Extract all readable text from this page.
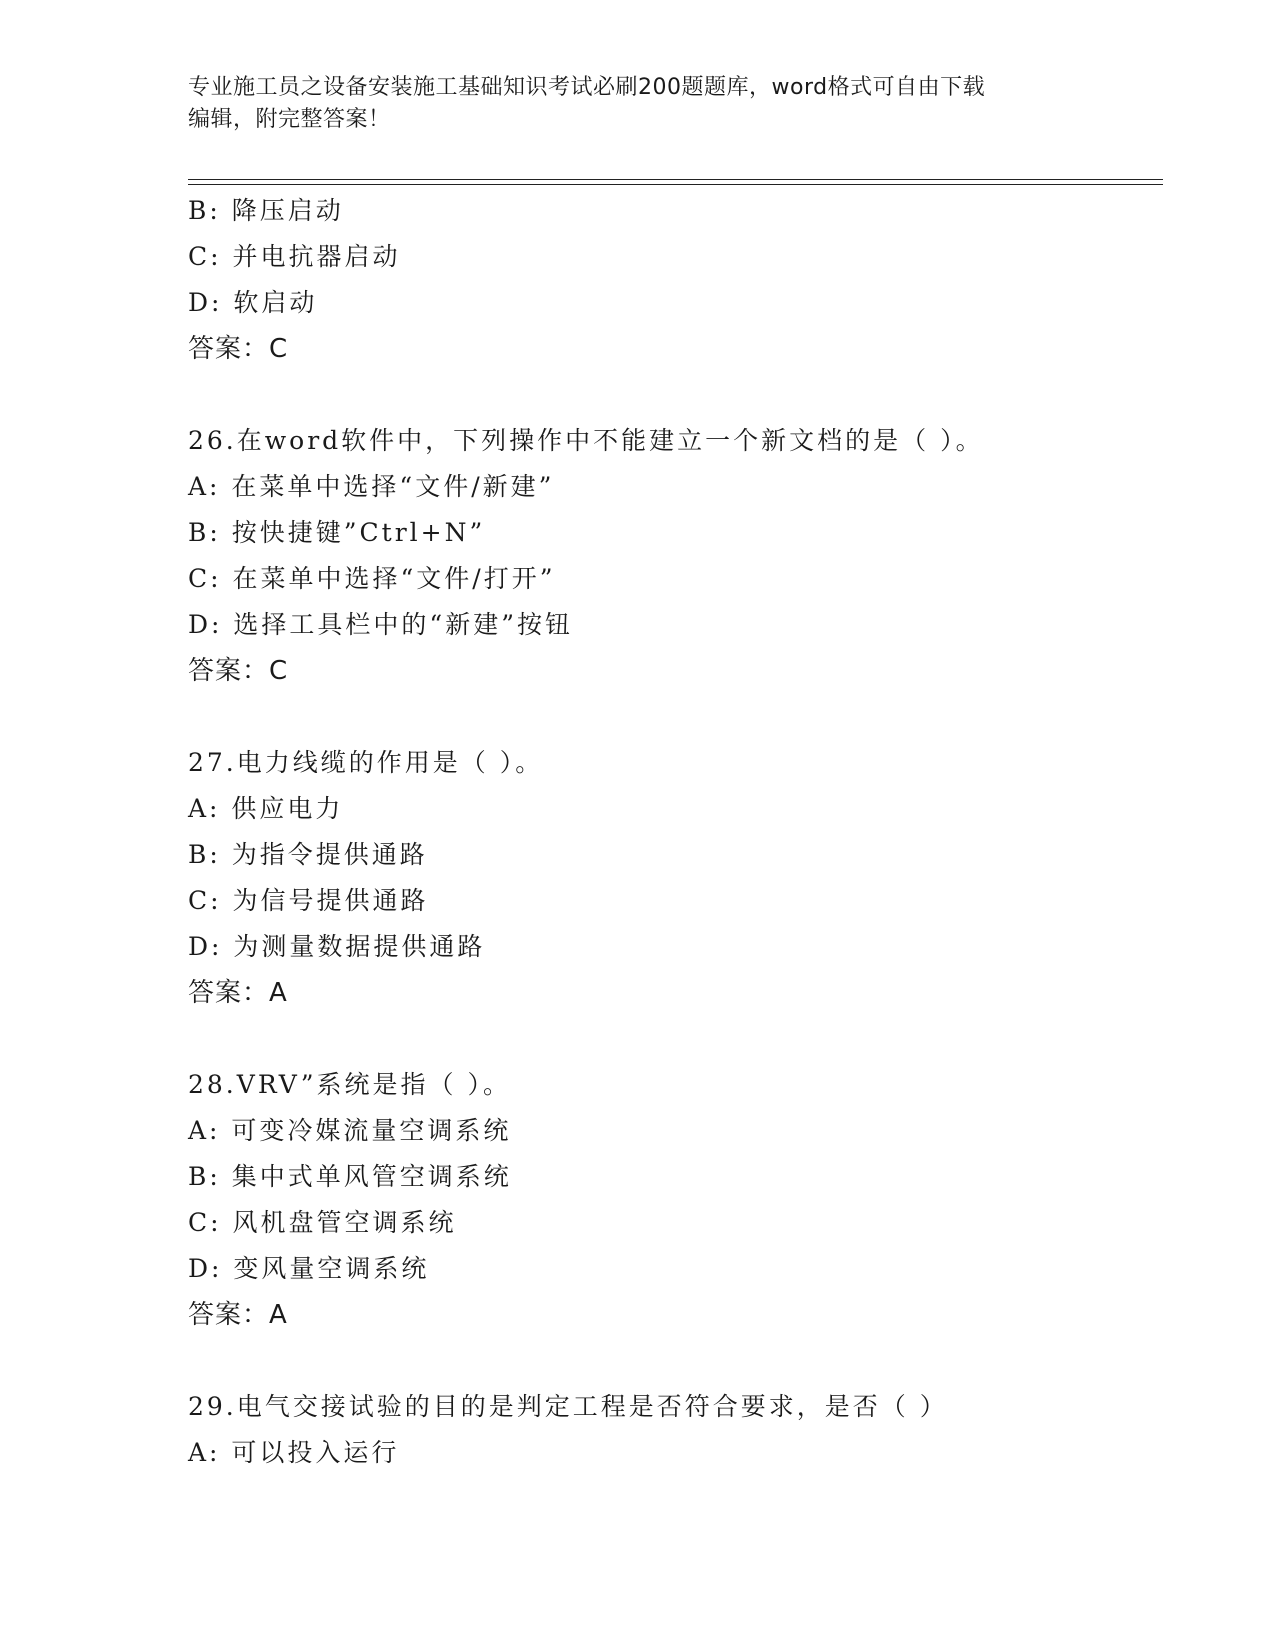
专业施工员之设备安装施工基础知识考试必刷200题题库，word格式可自由下载
编辑，附完整答案！
B: 降压启动
C: 并电抗器启动
D: 软启动
答案：C
26.在word软件中，下列操作中不能建立一个新文档的是（ ）。
A: 在菜单中选择“文件/新建”
B: 按快捷键”Ctrl+N”
C: 在菜单中选择“文件/打开”
D: 选择工具栏中的“新建”按钮
答案：C
27.电力线缆的作用是（ ）。
A: 供应电力
B: 为指令提供通路
C: 为信号提供通路
D: 为测量数据提供通路
答案：A
28.VRV”系统是指（ ）。
A: 可变冷媒流量空调系统
B: 集中式单风管空调系统
C: 风机盘管空调系统
D: 变风量空调系统
答案：A
29.电气交接试验的目的是判定工程是否符合要求，是否（ ）
A: 可以投入运行
